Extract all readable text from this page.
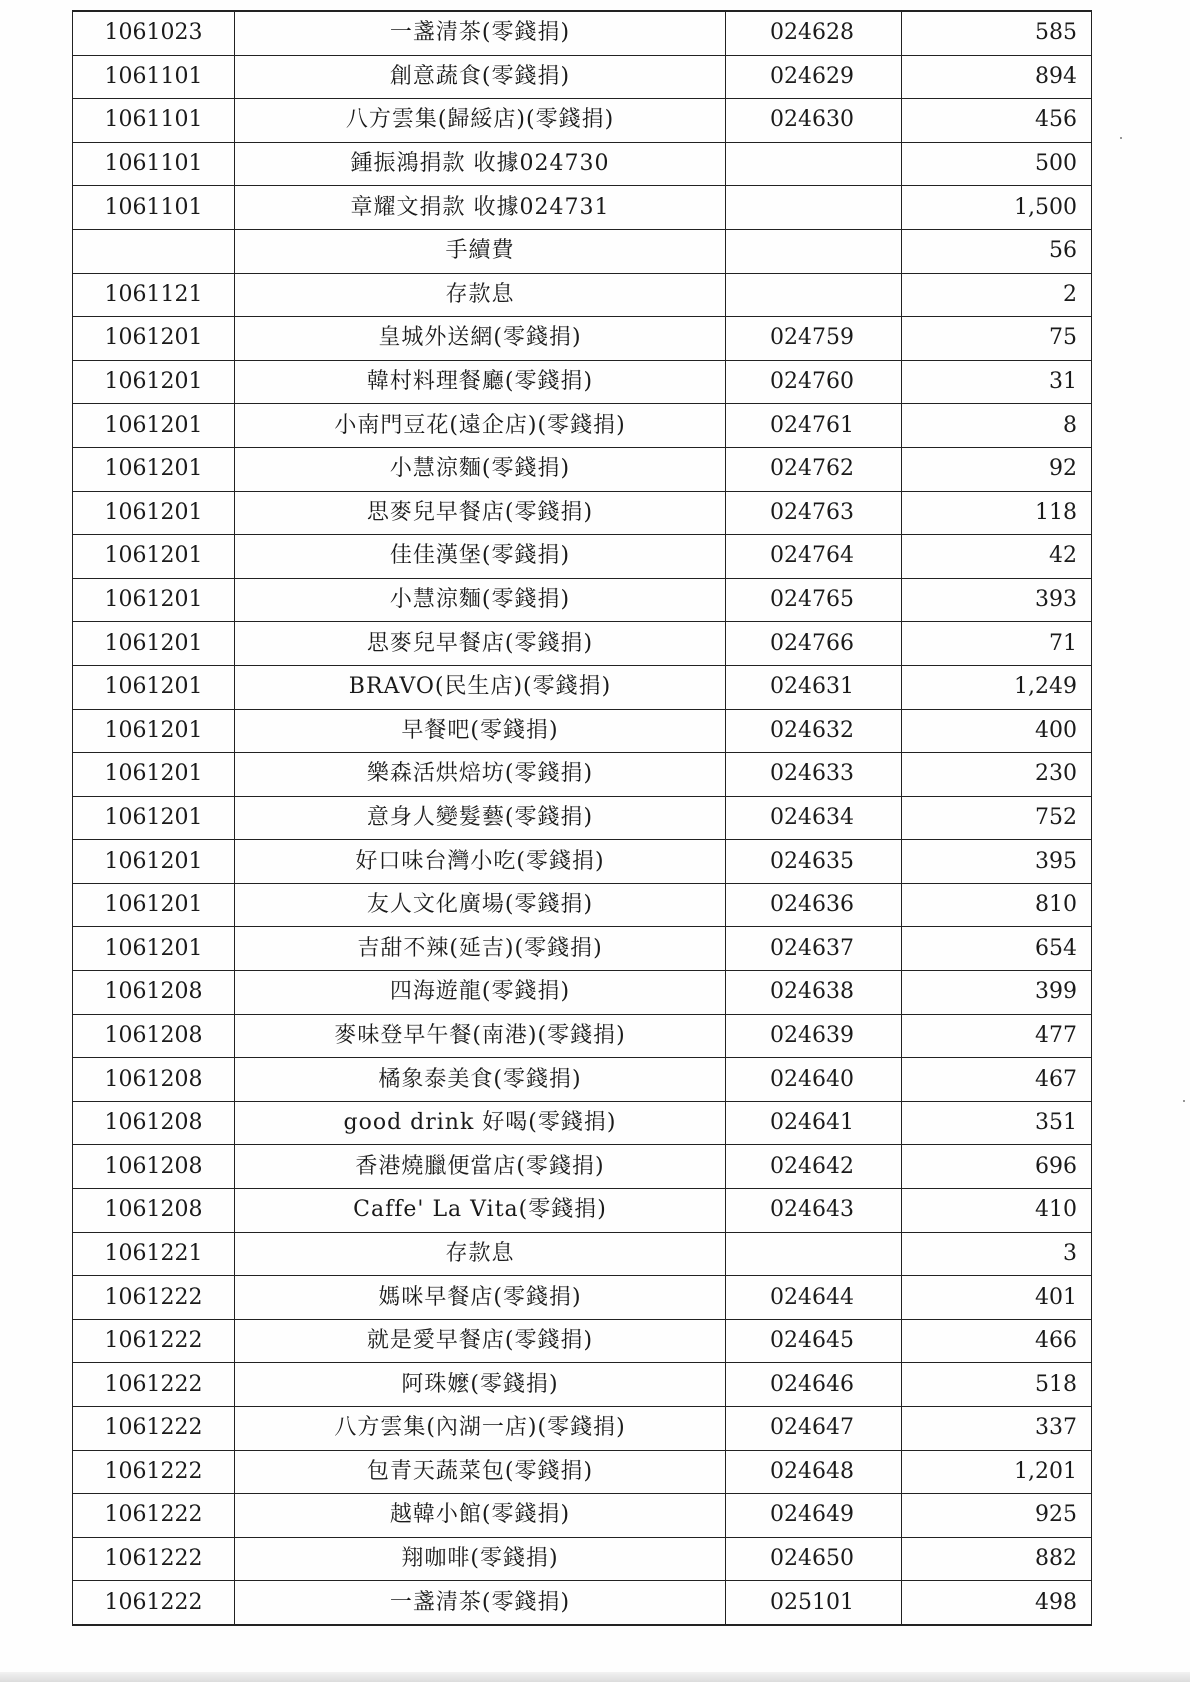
1061023	一盞清茶(零錢捐)	024628	585
1061101	創意蔬食(零錢捐)	024629	894
1061101	八方雲集(歸綏店)(零錢捐)	024630	456
1061101	鍾振鴻捐款 收據024730		500
1061101	章耀文捐款 收據024731		1,500
	手續費		56
1061121	存款息		2
1061201	皇城外送網(零錢捐)	024759	75
1061201	韓村料理餐廳(零錢捐)	024760	31
1061201	小南門豆花(遠企店)(零錢捐)	024761	8
1061201	小慧涼麵(零錢捐)	024762	92
1061201	思麥兒早餐店(零錢捐)	024763	118
1061201	佳佳漢堡(零錢捐)	024764	42
1061201	小慧涼麵(零錢捐)	024765	393
1061201	思麥兒早餐店(零錢捐)	024766	71
1061201	BRAVO(民生店)(零錢捐)	024631	1,249
1061201	早餐吧(零錢捐)	024632	400
1061201	樂森活烘焙坊(零錢捐)	024633	230
1061201	意身人變髮藝(零錢捐)	024634	752
1061201	好口味台灣小吃(零錢捐)	024635	395
1061201	友人文化廣場(零錢捐)	024636	810
1061201	吉甜不辣(延吉)(零錢捐)	024637	654
1061208	四海遊龍(零錢捐)	024638	399
1061208	麥味登早午餐(南港)(零錢捐)	024639	477
1061208	橘象泰美食(零錢捐)	024640	467
1061208	good drink 好喝(零錢捐)	024641	351
1061208	香港燒臘便當店(零錢捐)	024642	696
1061208	Caffe' La Vita(零錢捐)	024643	410
1061221	存款息		3
1061222	媽咪早餐店(零錢捐)	024644	401
1061222	就是愛早餐店(零錢捐)	024645	466
1061222	阿珠嬤(零錢捐)	024646	518
1061222	八方雲集(內湖一店)(零錢捐)	024647	337
1061222	包青天蔬菜包(零錢捐)	024648	1,201
1061222	越韓小館(零錢捐)	024649	925
1061222	翔咖啡(零錢捐)	024650	882
1061222	一盞清茶(零錢捐)	025101	498
